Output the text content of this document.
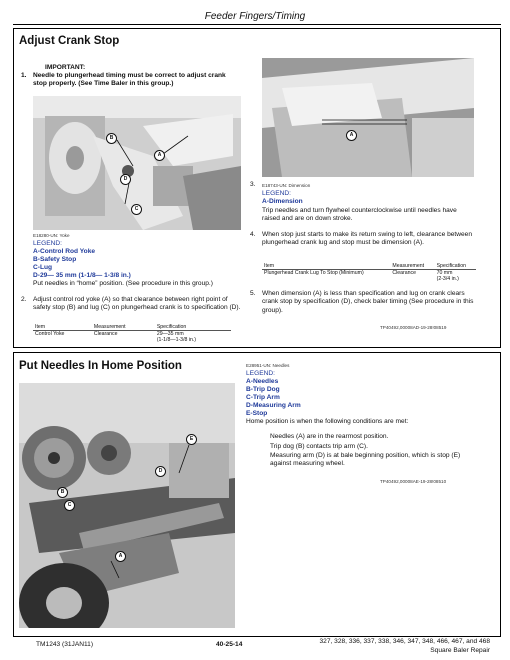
Feeder Fingers/Timing
Adjust Crank Stop
IMPORTANT:
1. Needle to plungerhead timing must be correct to adjust crank stop properly. (See Time Baler in this group.)
B
A
D
C
E18280-UN: Yoke
LEGEND:
A-Control Rod Yoke
B-Safety Stop
C-Lug
D-29— 35 mm (1-1/8— 1-3/8 in.)
Put needles in “home” position. (See procedure in this group.)
2. Adjust control rod yoke (A) so that clearance between right point of safety stop (B) and lug (C) on plungerhead crank is to specification (D).
Item	Measurement	Specification
Control Yoke	Clearance	29—35 mm
(1-1/8—1-3/8 in.)
A
3. E18743-UN: Dimension
LEGEND:
A-Dimension
Trip needles and turn flywheel counterclockwise until needles have raised and are on down stroke.
4. When stop just starts to make its return swing to left, clearance between plungerhead crank lug and stop must be dimension (A).
Item	Measurement	Specification
Plungerhead Crank Lug To Stop (Minimum)	Clearance	70 mm
(2-3/4 in.)
5. When dimension (A) is less than specification and lug on crank clears crank stop by specification (D), check baler timing (See procedure in this group).
TP40492,00008AD-19-28!08519
Put Needles In Home Position
E
B
C
D
A
E28951-UN: Needles
LEGEND:
A-Needles
B-Trip Dog
C-Trip Arm
D-Measuring Arm
E-Stop
Home position is when the following conditions are met:
Needles (A) are in the rearmost position.
Trip dog (B) contacts trip arm (C).
Measuring arm (D) is at bale beginning position, which is stop (E) against measuring wheel.
TP40492,00008AE-19-28!08510
TM1243 (31JAN11)	40-25-14	327, 328, 336, 337, 338, 346, 347, 348, 466, 467, and 468
Square Baler Repair
